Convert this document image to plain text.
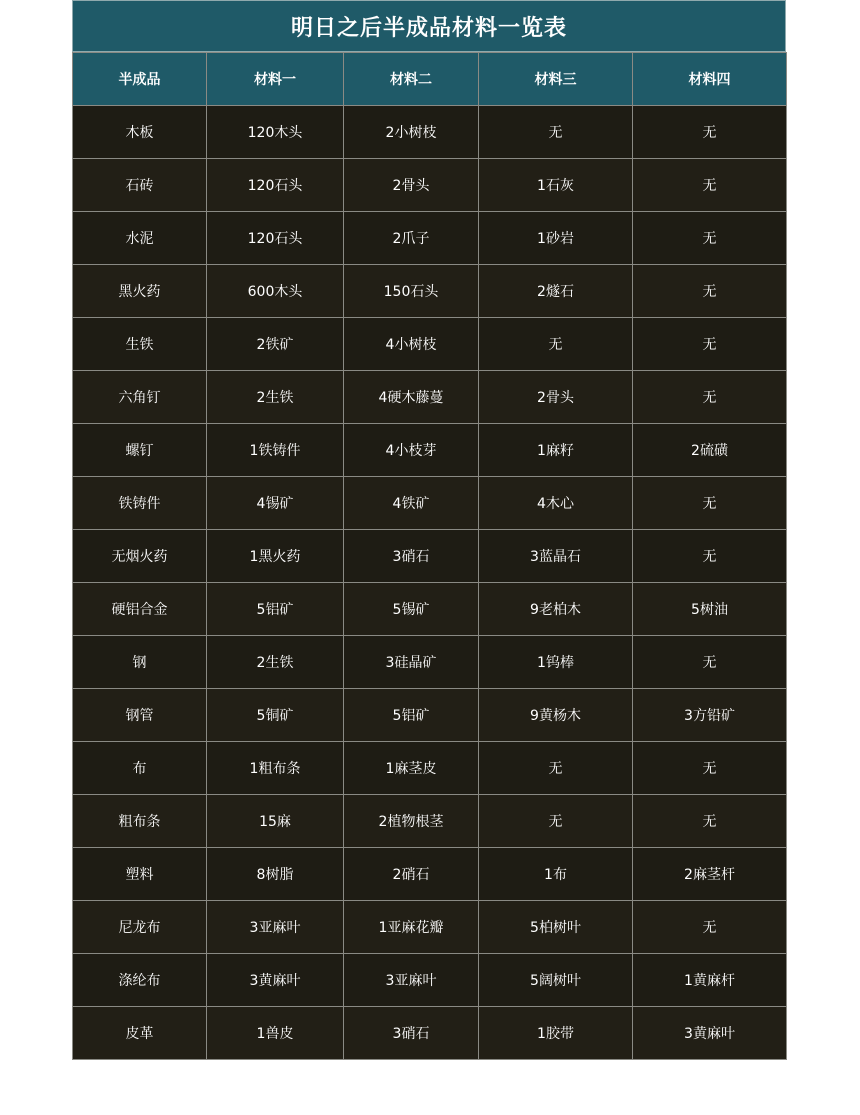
明日之后半成品材料一览表
半成品	材料一	材料二	材料三	材料四
木板	120木头	2小树枝	无	无
石砖	120石头	2骨头	1石灰	无
水泥	120石头	2爪子	1砂岩	无
黑火药	600木头	150石头	2燧石	无
生铁	2铁矿	4小树枝	无	无
六角钉	2生铁	4硬木藤蔓	2骨头	无
螺钉	1铁铸件	4小枝芽	1麻籽	2硫磺
铁铸件	4锡矿	4铁矿	4木心	无
无烟火药	1黑火药	3硝石	3蓝晶石	无
硬铝合金	5铝矿	5锡矿	9老柏木	5树油
钢	2生铁	3硅晶矿	1钨棒	无
钢管	5铜矿	5铝矿	9黄杨木	3方铅矿
布	1粗布条	1麻茎皮	无	无
粗布条	15麻	2植物根茎	无	无
塑料	8树脂	2硝石	1布	2麻茎杆
尼龙布	3亚麻叶	1亚麻花瓣	5柏树叶	无
涤纶布	3黄麻叶	3亚麻叶	5阔树叶	1黄麻杆
皮革	1兽皮	3硝石	1胶带	3黄麻叶
